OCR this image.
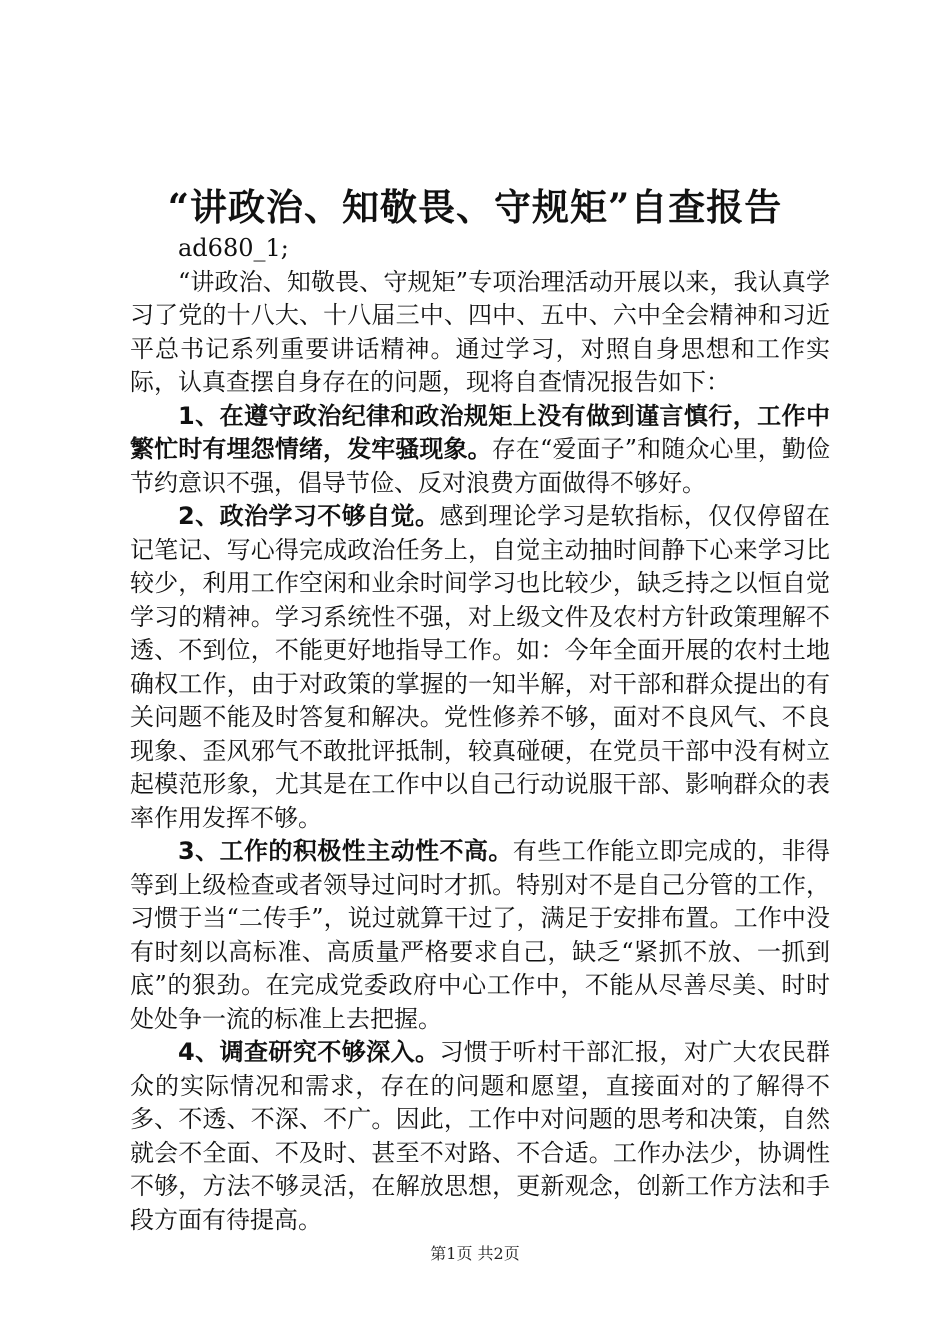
“讲政治、知敬畏、守规矩”自查报告

ad680_1;

“讲政治、知敬畏、守规矩”专项治理活动开展以来，我认真学习了党的十八大、十八届三中、四中、五中、六中全会精神和习近平总书记系列重要讲话精神。通过学习，对照自身思想和工作实际，认真查摆自身存在的问题，现将自查情况报告如下：

1、在遵守政治纪律和政治规矩上没有做到谨言慎行，工作中繁忙时有埋怨情绪，发牢骚现象。存在“爱面子”和随众心里，勤俭节约意识不强，倡导节俭、反对浪费方面做得不够好。

2、政治学习不够自觉。感到理论学习是软指标，仅仅停留在记笔记、写心得完成政治任务上，自觉主动抽时间静下心来学习比较少，利用工作空闲和业余时间学习也比较少，缺乏持之以恒自觉学习的精神。学习系统性不强，对上级文件及农村方针政策理解不透、不到位，不能更好地指导工作。如：今年全面开展的农村土地确权工作，由于对政策的掌握的一知半解，对干部和群众提出的有关问题不能及时答复和解决。党性修养不够，面对不良风气、不良现象、歪风邪气不敢批评抵制，较真碰硬，在党员干部中没有树立起模范形象，尤其是在工作中以自己行动说服干部、影响群众的表率作用发挥不够。

3、工作的积极性主动性不高。有些工作能立即完成的，非得等到上级检查或者领导过问时才抓。特别对不是自己分管的工作，习惯于当“二传手”，说过就算干过了，满足于安排布置。工作中没有时刻以高标准、高质量严格要求自己，缺乏“紧抓不放、一抓到底”的狠劲。在完成党委政府中心工作中，不能从尽善尽美、时时处处争一流的标准上去把握。

4、调查研究不够深入。习惯于听村干部汇报，对广大农民群众的实际情况和需求，存在的问题和愿望，直接面对的了解得不多、不透、不深、不广。因此，工作中对问题的思考和决策，自然就会不全面、不及时、甚至不对路、不合适。工作办法少，协调性不够，方法不够灵活，在解放思想，更新观念，创新工作方法和手段方面有待提高。

第1页 共2页
